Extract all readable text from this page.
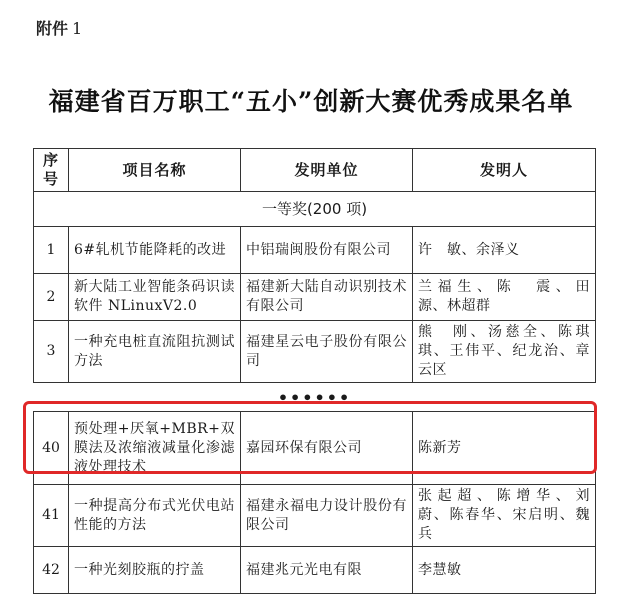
附件 1
福建省百万职工“五小”创新大赛优秀成果名单
序号	项目名称	发明单位	发明人
一等奖(200 项)			
1	6#轧机节能降耗的改进	中铝瑞闽股份有限公司	许　敏、余泽义
2	新大陆工业智能条码识读软件 NLinuxV2.0	福建新大陆自动识别技术有限公司	兰福生、陈　震、田　源、林超群
3	一种充电桩直流阻抗测试方法	福建星云电子股份有限公司	熊　刚、汤慈全、陈琪琪、王伟平、纪龙治、章云区
••••••			
40	预处理+厌氧+MBR+双膜法及浓缩液减量化渗滤液处理技术	嘉园环保有限公司	陈新芳
41	一种提高分布式光伏电站性能的方法	福建永福电力设计股份有限公司	张起超、陈增华、刘　蔚、陈春华、宋启明、魏　兵
42	一种光刻胶瓶的拧盖	福建兆元光电有限	李慧敏
